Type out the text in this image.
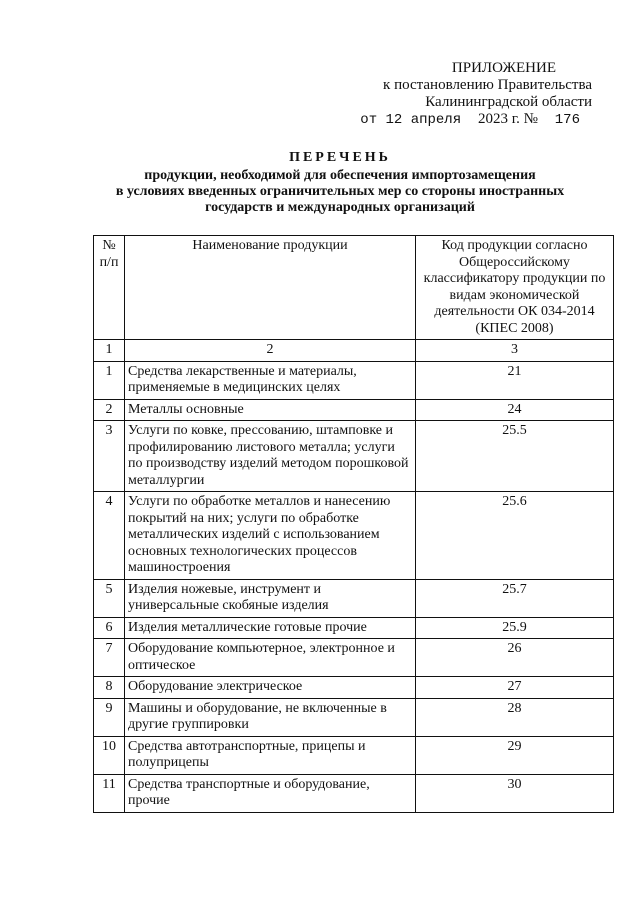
ПРИЛОЖЕНИЕ
к постановлению Правительства
Калининградской области
от 12 апреля 2023 г. № 176
ПЕРЕЧЕНЬ
продукции, необходимой для обеспечения импортозамещения
в условиях введенных ограничительных мер со стороны иностранных
государств и международных организаций
№ п/п	Наименование продукции	Код продукции согласно Общероссийскому классификатору продукции по видам экономической деятельности ОК 034-2014 (КПЕС 2008)
1	2	3
1	Средства лекарственные и материалы, применяемые в медицинских целях	21
2	Металлы основные	24
3	Услуги по ковке, прессованию, штамповке и профилированию листового металла; услуги по производству изделий методом порошковой металлургии	25.5
4	Услуги по обработке металлов и нанесению покрытий на них; услуги по обработке металлических изделий с использованием основных технологических процессов машиностроения	25.6
5	Изделия ножевые, инструмент и универсальные скобяные изделия	25.7
6	Изделия металлические готовые прочие	25.9
7	Оборудование компьютерное, электронное и оптическое	26
8	Оборудование электрическое	27
9	Машины и оборудование, не включенные в другие группировки	28
10	Средства автотранспортные, прицепы и полуприцепы	29
11	Средства транспортные и оборудование, прочие	30
